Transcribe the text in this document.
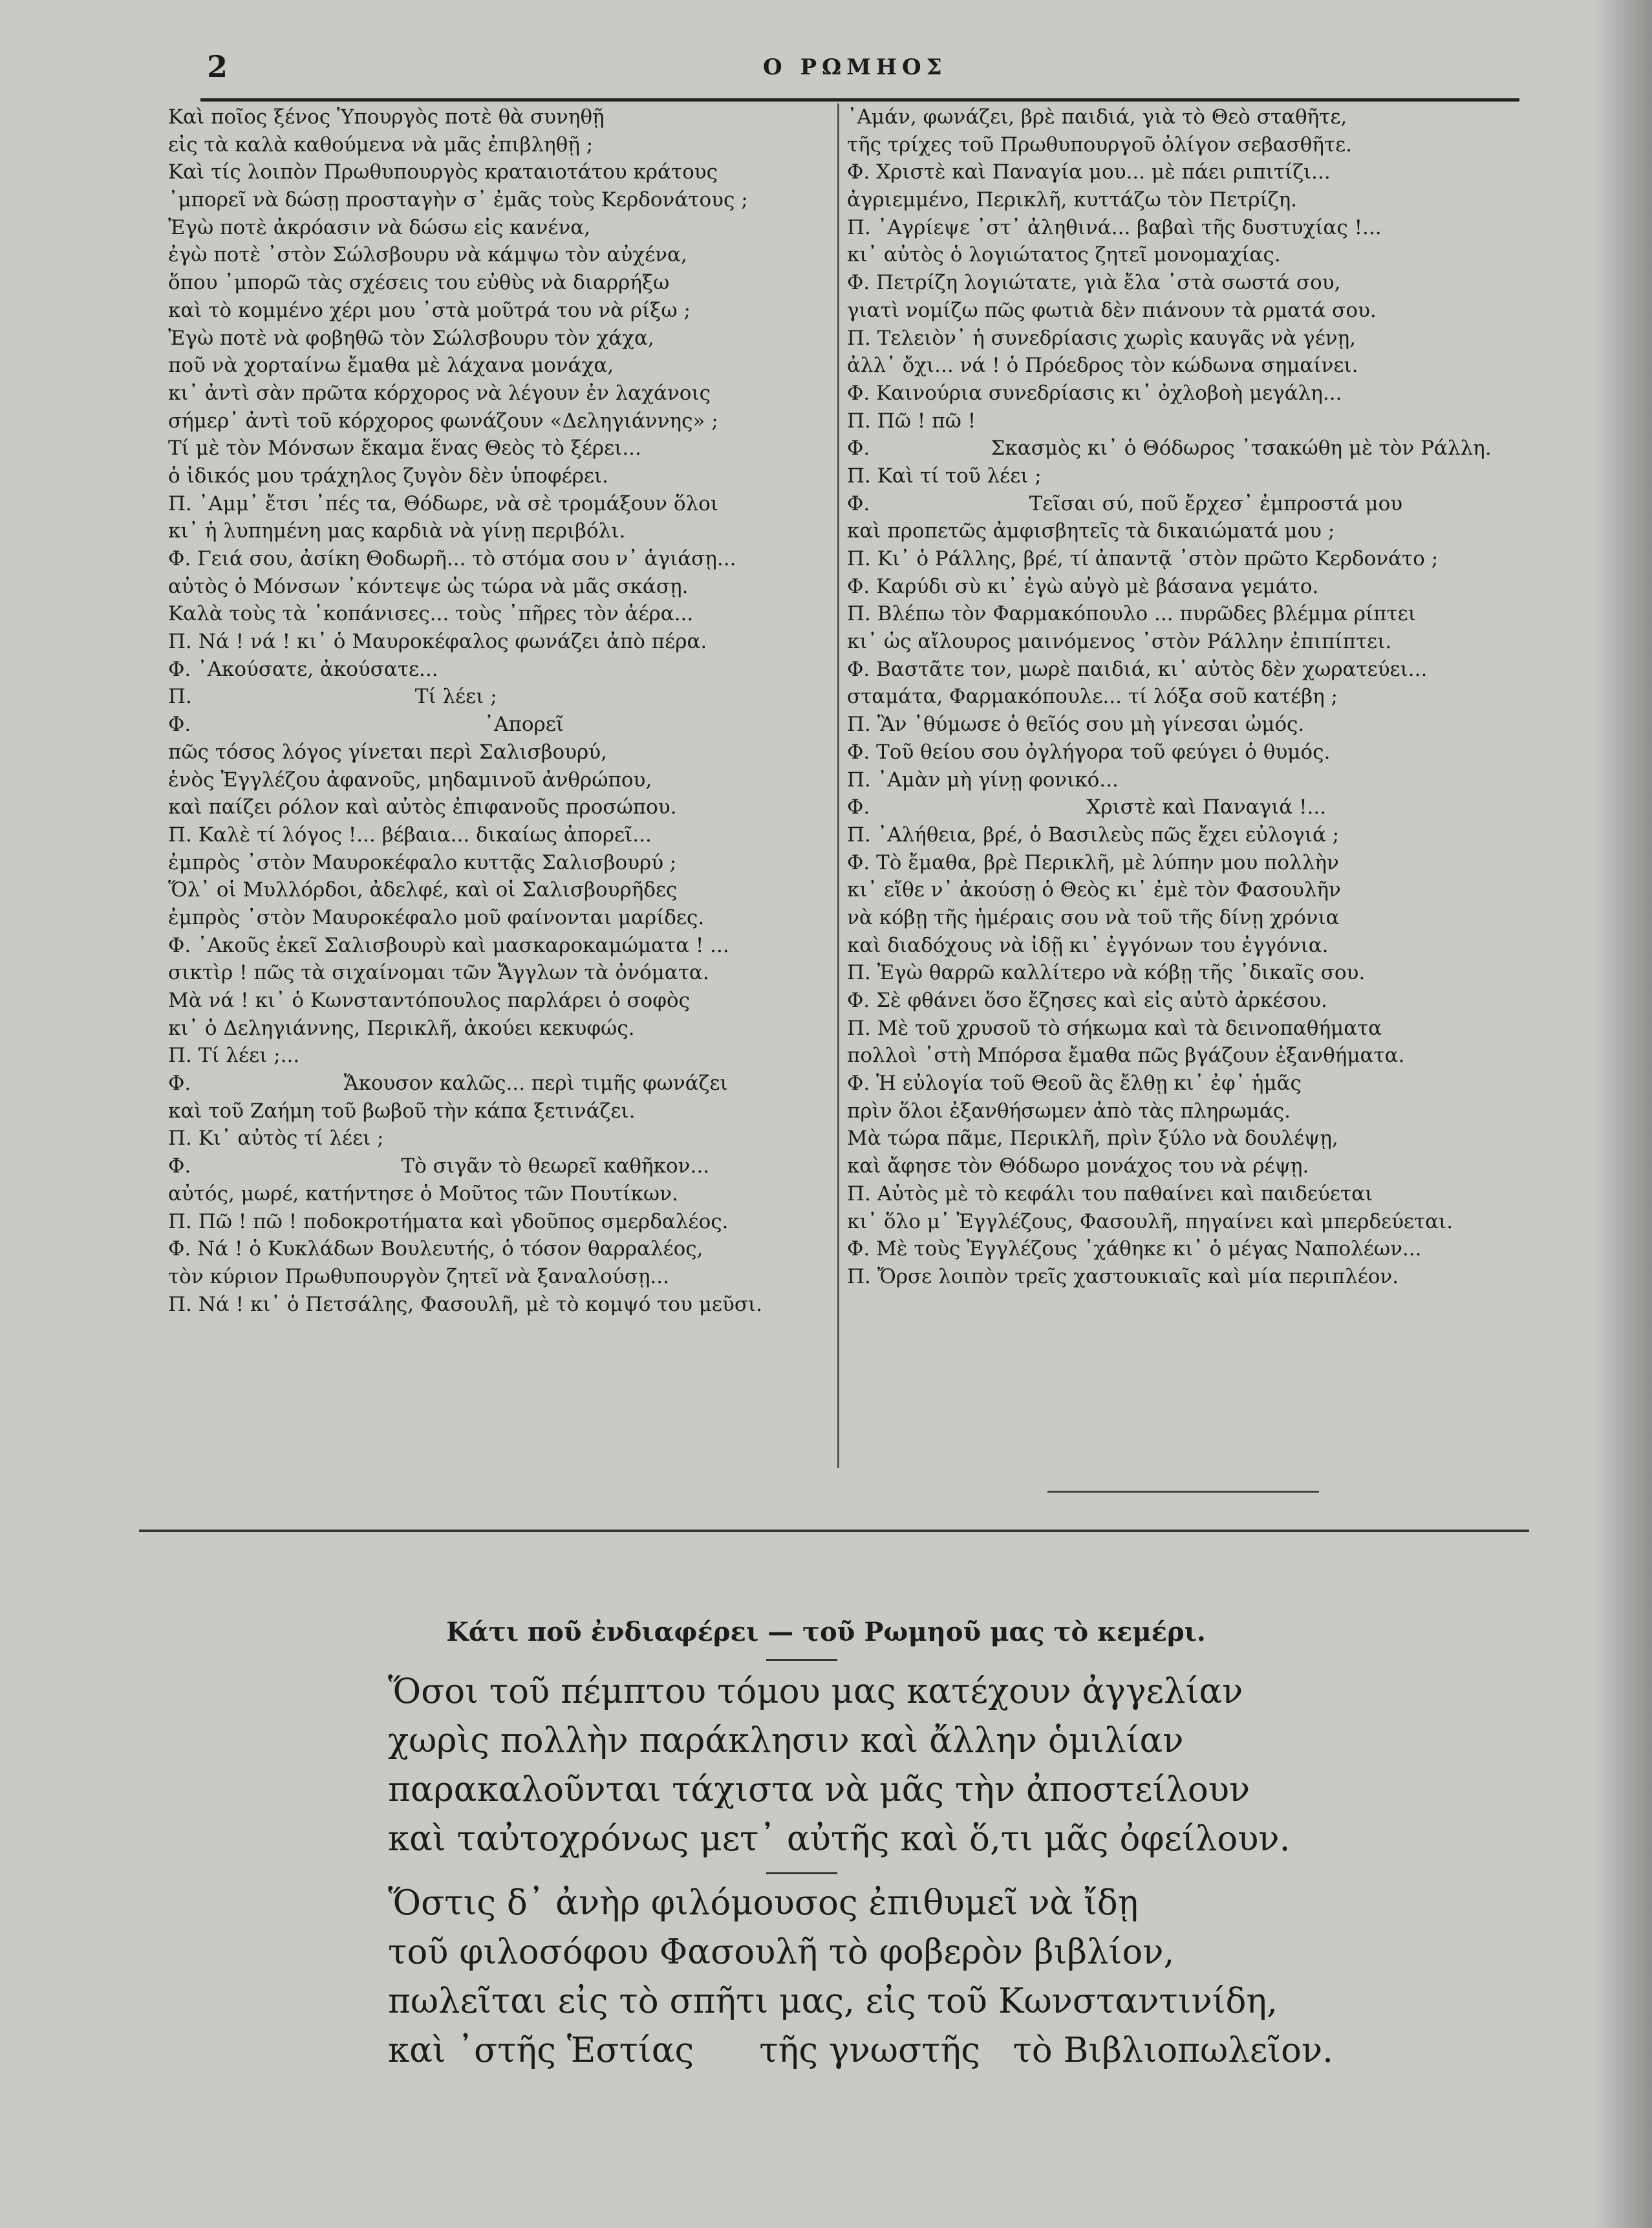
2	Ο ΡΩΜΗΟΣ
Καὶ ποῖος ξένος Ὑπουργὸς ποτὲ θὰ συνηθῇ
εἰς τὰ καλὰ καθούμενα νὰ μᾶς ἐπιβληθῇ ;
Καὶ τίς λοιπὸν Πρωθυπουργὸς κραταιοτάτου κράτους
᾿μπορεῖ νὰ δώσῃ προσταγὴν σ᾿ ἐμᾶς τοὺς Κερδονάτους ;
Ἐγὼ ποτὲ ἀκρόασιν νὰ δώσω εἰς κανένα,
ἐγὼ ποτὲ ᾿στὸν Σώλσβουρυ νὰ κάμψω τὸν αὐχένα,
ὅπου ᾿μπορῶ τὰς σχέσεις του εὐθὺς νὰ διαρρήξω
καὶ τὸ κομμένο χέρι μου ᾿στὰ μοῦτρά του νὰ ρίξω ;
Ἐγὼ ποτὲ νὰ φοβηθῶ τὸν Σώλσβουρυ τὸν χάχα,
ποῦ νὰ χορταίνω ἔμαθα μὲ λάχανα μονάχα,
κι᾿ ἀντὶ σὰν πρῶτα κόρχορος νὰ λέγουν ἐν λαχάνοις
σήμερ᾿ ἀντὶ τοῦ κόρχορος φωνάζουν «Δεληγιάννης» ;
Τί μὲ τὸν Μόνσων ἔκαμα ἕνας Θεὸς τὸ ξέρει...
ὁ ἰδικός μου τράχηλος ζυγὸν δὲν ὑποφέρει.
Π. ᾿Αμμ᾿ ἔτσι ᾿πές τα, Θόδωρε, νὰ σὲ τρομάξουν ὅλοι
κι᾿ ἡ λυπημένη μας καρδιὰ νὰ γίνῃ περιβόλι.
Φ. Γειά σου, ἀσίκη Θοδωρῆ... τὸ στόμα σου ν᾿ ἁγιάσῃ...
αὐτὸς ὁ Μόνσων ᾿κόντεψε ὡς τώρα νὰ μᾶς σκάσῃ.
Καλὰ τοὺς τὰ ᾿κοπάνισες... τοὺς ᾿πῆρες τὸν ἀέρα...
Π. Νά ! νά ! κι᾿ ὁ Μαυροκέφαλος φωνάζει ἀπὸ πέρα.
Φ. ᾿Ακούσατε, ἀκούσατε...
Π.                                   Τί λέει ;
Φ.                                              ᾿Απορεῖ
πῶς τόσος λόγος γίνεται περὶ Σαλισβουρύ,
ἑνὸς Ἐγγλέζου ἀφανοῦς, μηδαμινοῦ ἀνθρώπου,
καὶ παίζει ρόλον καὶ αὐτὸς ἐπιφανοῦς προσώπου.
Π. Καλὲ τί λόγος !... βέβαια... δικαίως ἀπορεῖ...
ἐμπρὸς ᾿στὸν Μαυροκέφαλο κυττᾷς Σαλισβουρύ ;
Ὅλ᾿ οἱ Μυλλόρδοι, ἀδελφέ, καὶ οἱ Σαλισβουρῆδες
ἐμπρὸς ᾿στὸν Μαυροκέφαλο μοῦ φαίνονται μαρίδες.
Φ. ᾿Ακοῦς ἐκεῖ Σαλισβουρὺ καὶ μασκαροκαμώματα ! ...
σικτὶρ ! πῶς τὰ σιχαίνομαι τῶν Ἄγγλων τὰ ὀνόματα.
Μὰ νά ! κι᾿ ὁ Κωνσταντόπουλος παρλάρει ὁ σοφὸς
κι᾿ ὁ Δεληγιάννης, Περικλῆ, ἀκούει κεκυφώς.
Π. Τί λέει ;...
Φ.                        Ἄκουσον καλῶς... περὶ τιμῆς φωνάζει
καὶ τοῦ Ζαήμη τοῦ βωβοῦ τὴν κάπα ξετινάζει.
Π. Κι᾿ αὐτὸς τί λέει ;
Φ.                                 Τὸ σιγᾶν τὸ θεωρεῖ καθῆκον...
αὐτός, μωρέ, κατήντησε ὁ Μοῦτος τῶν Πουτίκων.
Π. Πῶ ! πῶ ! ποδοκροτήματα καὶ γδοῦπος σμερδαλέος.
Φ. Νά ! ὁ Κυκλάδων Βουλευτής, ὁ τόσον θαρραλέος,
τὸν κύριον Πρωθυπουργὸν ζητεῖ νὰ ξαναλούσῃ...
Π. Νά ! κι᾿ ὁ Πετσάλης, Φασουλῆ, μὲ τὸ κομψό του μεῦσι.
᾿Αμάν, φωνάζει, βρὲ παιδιά, γιὰ τὸ Θεὸ σταθῆτε,
τῆς τρίχες τοῦ Πρωθυπουργοῦ ὀλίγον σεβασθῆτε.
Φ. Χριστὲ καὶ Παναγία μου... μὲ πάει ριπιτίζι...
ἀγριεμμένο, Περικλῆ, κυττάζω τὸν Πετρίζη.
Π. ᾿Αγρίεψε ᾿στ᾿ ἀληθινά... βαβαὶ τῆς δυστυχίας !...
κι᾿ αὐτὸς ὁ λογιώτατος ζητεῖ μονομαχίας.
Φ. Πετρίζη λογιώτατε, γιὰ ἔλα ᾿στὰ σωστά σου,
γιατὶ νομίζω πῶς φωτιὰ δὲν πιάνουν τὰ ρματά σου.
Π. Τελειὸν᾿ ἡ συνεδρίασις χωρὶς καυγᾶς νὰ γένῃ,
ἀλλ᾿ ὄχι... νά ! ὁ Πρόεδρος τὸν κώδωνα σημαίνει.
Φ. Καινούρια συνεδρίασις κι᾿ ὀχλοβοὴ μεγάλη...
Π. Πῶ ! πῶ !
Φ.                   Σκασμὸς κι᾿ ὁ Θόδωρος ᾿τσακώθη μὲ τὸν Ράλλη.
Π. Καὶ τί τοῦ λέει ;
Φ.                         Τεῖσαι σύ, ποῦ ἔρχεσ᾿ ἐμπροστά μου
καὶ προπετῶς ἀμφισβητεῖς τὰ δικαιώματά μου ;
Π. Κι᾿ ὁ Ράλλης, βρέ, τί ἀπαντᾷ ᾿στὸν πρῶτο Κερδονάτο ;
Φ. Καρύδι σὺ κι᾿ ἐγὼ αὐγὸ μὲ βάσανα γεμάτο.
Π. Βλέπω τὸν Φαρμακόπουλο ... πυρῶδες βλέμμα ρίπτει
κι᾿ ὡς αἴλουρος μαινόμενος ᾿στὸν Ράλλην ἐπιπίπτει.
Φ. Βαστᾶτε τον, μωρὲ παιδιά, κι᾿ αὐτὸς δὲν χωρατεύει...
σταμάτα, Φαρμακόπουλε... τί λόξα σοῦ κατέβη ;
Π. Ἂν ᾿θύμωσε ὁ θεῖός σου μὴ γίνεσαι ὠμός.
Φ. Τοῦ θείου σου ὀγλήγορα τοῦ φεύγει ὁ θυμός.
Π. ᾿Αμὰν μὴ γίνῃ φονικό...
Φ.                                  Χριστὲ καὶ Παναγιά !...
Π. ᾿Αλήθεια, βρέ, ὁ Βασιλεὺς πῶς ἔχει εὐλογιά ;
Φ. Τὸ ἔμαθα, βρὲ Περικλῆ, μὲ λύπην μου πολλὴν
κι᾿ εἴθε ν᾿ ἀκούσῃ ὁ Θεὸς κι᾿ ἐμὲ τὸν Φασουλῆν
νὰ κόβῃ τῆς ἡμέραις σου νὰ τοῦ τῆς δίνῃ χρόνια
καὶ διαδόχους νὰ ἰδῇ κι᾿ ἐγγόνων του ἐγγόνια.
Π. Ἐγὼ θαρρῶ καλλίτερο νὰ κόβῃ τῆς ᾿δικαῖς σου.
Φ. Σὲ φθάνει ὅσο ἔζησες καὶ εἰς αὐτὸ ἀρκέσου.
Π. Μὲ τοῦ χρυσοῦ τὸ σήκωμα καὶ τὰ δεινοπαθήματα
πολλοὶ ᾿στὴ Μπόρσα ἔμαθα πῶς βγάζουν ἐξανθήματα.
Φ. Ἡ εὐλογία τοῦ Θεοῦ ἂς ἔλθῃ κι᾿ ἐφ᾿ ἡμᾶς
πρὶν ὅλοι ἐξανθήσωμεν ἀπὸ τὰς πληρωμάς.
Μὰ τώρα πᾶμε, Περικλῆ, πρὶν ξύλο νὰ δουλέψῃ,
καὶ ἄφησε τὸν Θόδωρο μονάχος του νὰ ρέψῃ.
Π. Αὐτὸς μὲ τὸ κεφάλι του παθαίνει καὶ παιδεύεται
κι᾿ ὅλο μ᾿ Ἐγγλέζους, Φασουλῆ, πηγαίνει καὶ μπερδεύεται.
Φ. Μὲ τοὺς Ἐγγλέζους ᾿χάθηκε κι᾿ ὁ μέγας Ναπολέων...
Π. Ὄρσε λοιπὸν τρεῖς χαστουκιαῖς καὶ μία περιπλέον.
Κάτι ποῦ ἐνδιαφέρει — τοῦ Ρωμηοῦ μας τὸ κεμέρι.
Ὅσοι τοῦ πέμπτου τόμου μας κατέχουν ἀγγελίαν
χωρὶς πολλὴν παράκλησιν καὶ ἄλλην ὁμιλίαν
παρακαλοῦνται τάχιστα νὰ μᾶς τὴν ἀποστείλουν
καὶ ταὐτοχρόνως μετ᾿ αὐτῆς καὶ ὅ,τι μᾶς ὀφείλουν.
Ὅστις δ᾿ ἀνὴρ φιλόμουσος ἐπιθυμεῖ νὰ ἴδῃ
τοῦ φιλοσόφου Φασουλῆ τὸ φοβερὸν βιβλίον,
πωλεῖται εἰς τὸ σπῆτι μας, εἰς τοῦ Κωνσταντινίδη,
καὶ ᾿στῆς Ἑστίας      τῆς γνωστῆς   τὸ Βιβλιοπωλεῖον.
